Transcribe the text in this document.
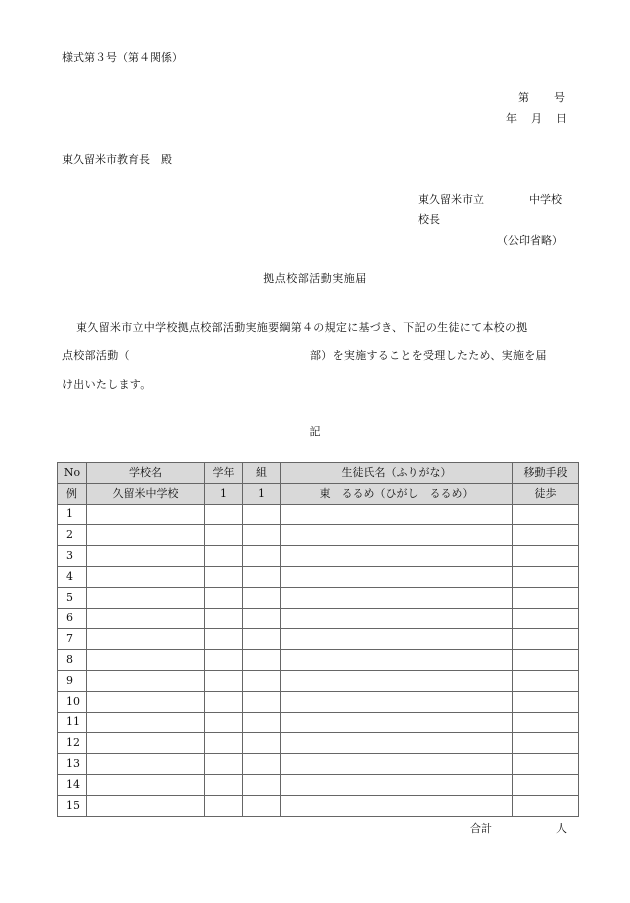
様式第３号（第４関係）
第 号
年 月 日
東久留米市教育長　殿
東久留米市立	中学校
校長
（公印省略）
拠点校部活動実施届
東久留米市立中学校拠点校部活動実施要綱第４の規定に基づき、下記の生徒にて本校の拠
点校部活動（	部）を実施することを受理したため、実施を届
け出いたします。
記
No	学校名	学年	組	生徒氏名（ふりがな）	移動手段
例	久留米中学校	1	1	東　るるめ（ひがし　るるめ）	徒歩
1					
2					
3					
4					
5					
6					
7					
8					
9					
10					
11					
12					
13					
14					
15					
合計	人
